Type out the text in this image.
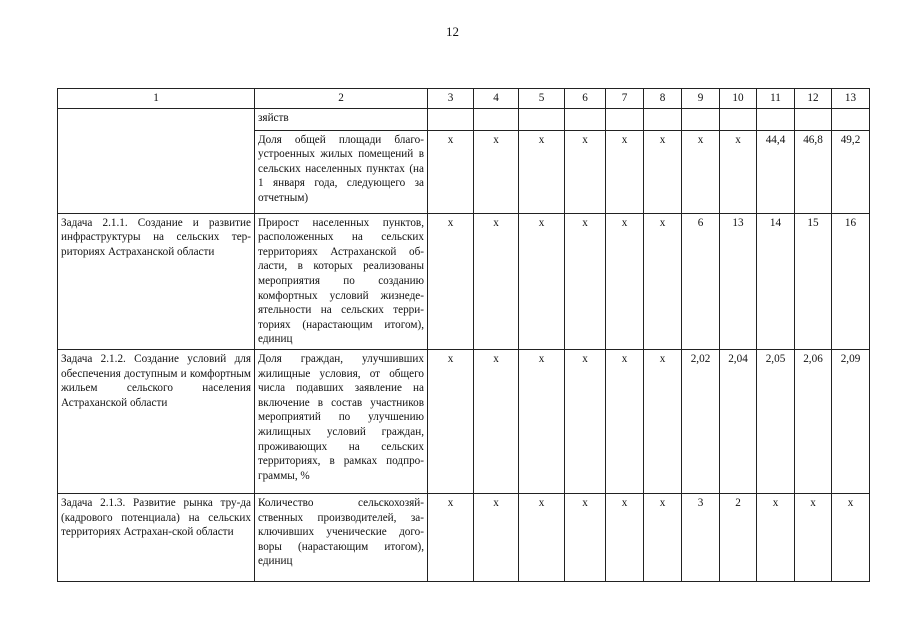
12
1	2	3	4	5	6	7	8	9	10	11	12	13
	зяйств											
	Доля общей площади благо-устроенных жилых помещений в сельских населенных пунктах (на 1 января года, следующего за отчетным)	x	x	x	x	x	x	x	x	44,4	46,8	49,2
Задача 2.1.1. Создание и развитие инфраструктуры на сельских тер-риториях Астраханской области	Прирост населенных пунктов, расположенных на сельских территориях Астраханской об-ласти, в которых реализованы мероприятия по созданию комфортных условий жизнеде-ятельности на сельских терри-ториях (нарастающим итогом), единиц	x	x	x	x	x	x	6	13	14	15	16
Задача 2.1.2. Создание условий для обеспечения доступным и комфортным жильем сельского населения Астраханской области	Доля граждан, улучшивших жилищные условия, от общего числа подавших заявление на включение в состав участников мероприятий по улучшению жилищных условий граждан, проживающих на сельских территориях, в рамках подпро-граммы, %	x	x	x	x	x	x	2,02	2,04	2,05	2,06	2,09
Задача 2.1.3. Развитие рынка тру-да (кадрового потенциала) на сельских территориях Астрахан-ской области	Количество сельскохозяй-ственных производителей, за-ключивших ученические дого-воры (нарастающим итогом), единиц	x	x	x	x	x	x	3	2	x	x	x
